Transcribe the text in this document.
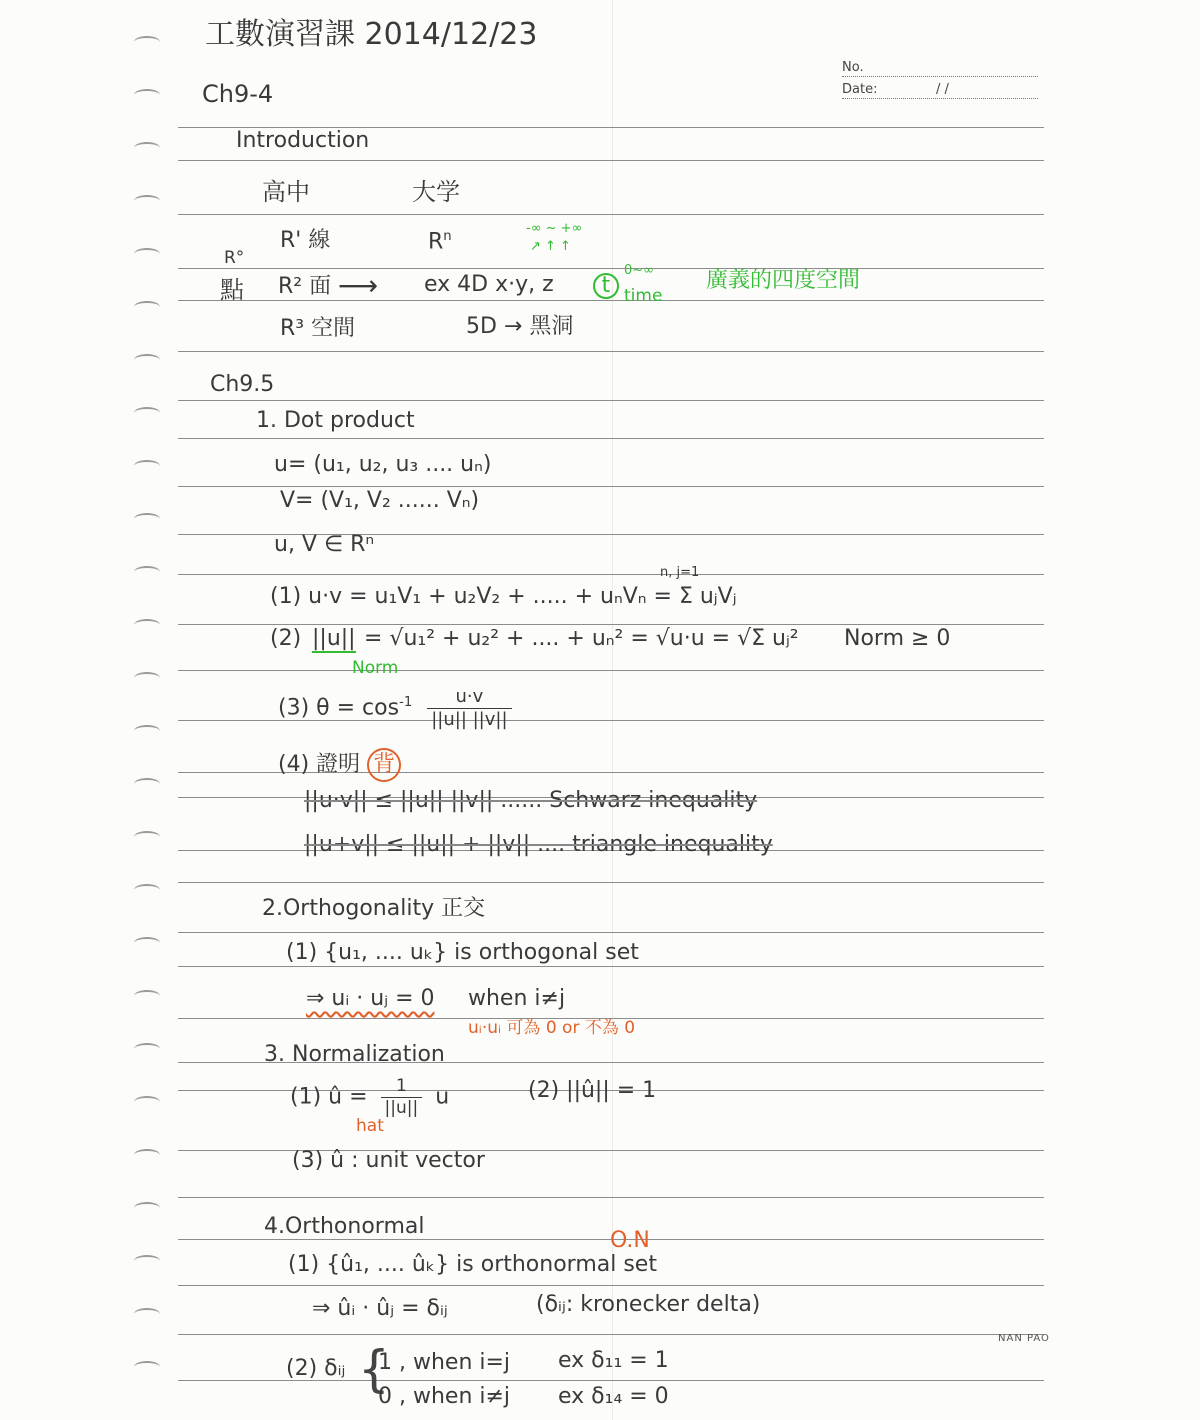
工數演習課 2014/12/23
Ch9-4
No.
Date:	/ /
Introduction
高中	大学
-∞ ~ +∞
↗ ↑ ↑
R' 線	$R^n$
R°
點 R² 面 ⟶ ex 4D x·y, z	t
0~∞
time
廣義的四度空間
R³ 空間	5D → 黑洞
Ch9.5
1. Dot product
u= (u₁, u₂, u₃ .... uₙ)
V= (V₁, V₂ ...... Vₙ)
u, V ∈ Rⁿ
(1) u·v = u₁V₁ + u₂V₂ + ..... + uₙVₙ = Σ uⱼVⱼ
n, j=1
(2) ||u|| = √u₁² + u₂² + .... + uₙ² = √u·u = √Σ uⱼ² Norm ≥ 0
Norm
(3) $\theta = \cos^{-1} \frac{u\cdot v}{||u|| ||v||}$
(4) 證明 背
||u·v|| ≤ ||u|| ||v|| ...... Schwarz inequality
||u+v|| ≤ ||u|| + ||v|| .... triangle inequality
2.Orthogonality 正交
(1) {u₁, .... uₖ} is orthogonal set
⇒ uᵢ · uⱼ = 0 when i≠j
uᵢ·uᵢ 可為 0 or 不為 0
3. Normalization
(1) û = $\frac{1}{||u||}$ u	(2) ||û|| = 1
hat
(3) û : unit vector
4.Orthonormal
O.N
(1) {û₁, .... ûₖ} is orthonormal set
⇒ ûᵢ · ûⱼ = δᵢⱼ	(δᵢⱼ: kronecker delta)
(2) δᵢⱼ {
1 , when i=j ex δ₁₁ = 1
0 , when i≠j ex δ₁₄ = 0
NAN PAO
